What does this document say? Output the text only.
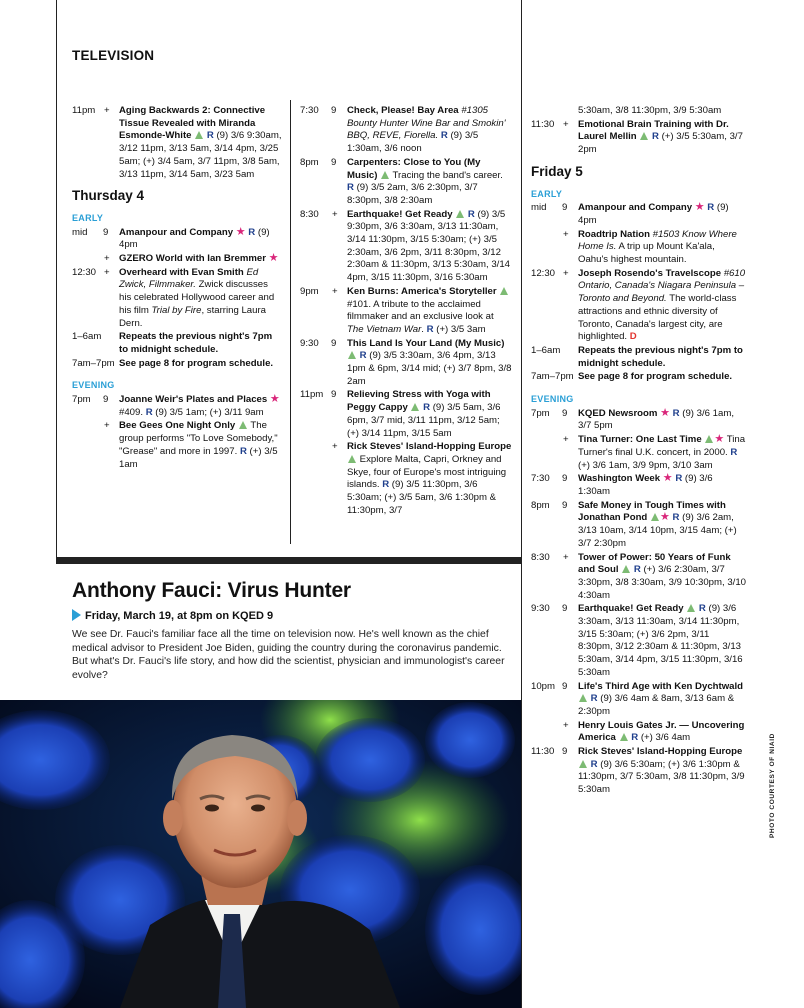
TELEVISION
11pm + Aging Backwards 2: Connective Tissue Revealed with Miranda Esmonde-White R (9) 3/6 9:30am, 3/12 11pm, 3/13 5am, 3/14 4pm, 3/25 5am; (+) 3/4 5am, 3/7 11pm, 3/8 5am, 3/13 11pm, 3/14 5am, 3/23 5am
Thursday 4
EARLY
mid 9 Amanpour and Company ★ R (9) 4pm
+ GZERO World with Ian Bremmer ★
12:30 + Overheard with Evan Smith Ed Zwick, Filmmaker. Zwick discusses his celebrated Hollywood career and his film Trial by Fire, starring Laura Dern.
1–6am Repeats the previous night's 7pm to midnight schedule.
7am–7pm See page 8 for program schedule.
EVENING
7pm 9 Joanne Weir's Plates and Places ★ #409. R (9) 3/5 1am; (+) 3/11 9am
+ Bee Gees One Night Only  The group performs "To Love Somebody," "Grease" and more in 1997. R (+) 3/5 1am
7:30 9 Check, Please! Bay Area #1305 Bounty Hunter Wine Bar and Smokin' BBQ, REVE, Fiorella. R (9) 3/5 1:30am, 3/6 noon
8pm 9 Carpenters: Close to You (My Music)  Tracing the band's career. R (9) 3/5 2am, 3/6 2:30pm, 3/7 8:30pm, 3/8 2:30am
8:30 + Earthquake! Get Ready R (9) 3/5 9:30pm, 3/6 3:30am, 3/13 11:30am, 3/14 11:30pm, 3/15 5:30am; (+) 3/5 2:30am, 3/6 2pm, 3/11 8:30pm, 3/12 2:30am & 11:30pm, 3/13 5:30am, 3/14 4pm, 3/15 11:30pm, 3/16 5:30am
9pm + Ken Burns: America's Storyteller  #101. A tribute to the acclaimed filmmaker and an exclusive look at The Vietnam War. R (+) 3/5 3am
9:30 9 This Land Is Your Land (My Music)  R (9) 3/5 3:30am, 3/6 4pm, 3/13 1pm & 6pm, 3/14 mid; (+) 3/7 8pm, 3/8 2am
11pm 9 Relieving Stress with Yoga with Peggy Cappy R (9) 3/5 5am, 3/6 6pm, 3/7 mid, 3/11 11pm, 3/12 5am; (+) 3/14 11pm, 3/15 5am
+ Rick Steves' Island-Hopping Europe  Explore Malta, Capri, Orkney and Skye, four of Europe's most intriguing islands. R (9) 3/5 11:30pm, 3/6 5:30am; (+) 3/5 5am, 3/6 1:30pm & 11:30pm, 3/7
5:30am, 3/8 11:30pm, 3/9 5:30am
11:30 + Emotional Brain Training with Dr. Laurel Mellin R (+) 3/5 5:30am, 3/7 2pm
Friday 5
EARLY
mid 9 Amanpour and Company ★ R (9) 4pm
+ Roadtrip Nation #1503 Know Where Home Is. A trip up Mount Ka'ala, Oahu's highest mountain.
12:30 + Joseph Rosendo's Travelscope #610 Ontario, Canada's Niagara Peninsula – Toronto and Beyond. The world-class attractions and ethnic diversity of Toronto, Canada's largest city, are highlighted. D
1–6am Repeats the previous night's 7pm to midnight schedule.
7am–7pm See page 8 for program schedule.
EVENING
7pm 9 KQED Newsroom ★ R (9) 3/6 1am, 3/7 5pm
+ Tina Turner: One Last Time ★ Tina Turner's final U.K. concert, in 2000. R (+) 3/6 1am, 3/9 9pm, 3/10 3am
7:30 9 Washington Week ★ R (9) 3/6 1:30am
8pm 9 Safe Money in Tough Times with Jonathan Pond ★ R (9) 3/6 2am, 3/13 10am, 3/14 10pm, 3/15 4am; (+) 3/7 2:30pm
8:30 + Tower of Power: 50 Years of Funk and Soul R (+) 3/6 2:30am, 3/7 3:30pm, 3/8 3:30am, 3/9 10:30pm, 3/10 4:30am
9:30 9 Earthquake! Get Ready R (9) 3/6 3:30am, 3/13 11:30am, 3/14 11:30pm, 3/15 5:30am; (+) 3/6 2pm, 3/11 8:30pm, 3/12 2:30am & 11:30pm, 3/13 5:30am, 3/14 4pm, 3/15 11:30pm, 3/16 5:30am
10pm 9 Life's Third Age with Ken Dychtwald  R (9) 3/6 4am & 8am, 3/13 6am & 2:30pm
+ Henry Louis Gates Jr. — Uncovering America R (+) 3/6 4am
11:30 9 Rick Steves' Island-Hopping Europe  R (9) 3/6 5:30am; (+) 3/6 1:30pm & 11:30pm, 3/7 5:30am, 3/8 11:30pm, 3/9 5:30am
Anthony Fauci: Virus Hunter
Friday, March 19, at 8pm on KQED 9
We see Dr. Fauci's familiar face all the time on television now. He's well known as the chief medical advisor to President Joe Biden, guiding the country during the coronavirus pandemic. But what's Dr. Fauci's life story, and how did the scientist, physician and immunologist's career evolve?
PHOTO COURTESY OF NIAID
